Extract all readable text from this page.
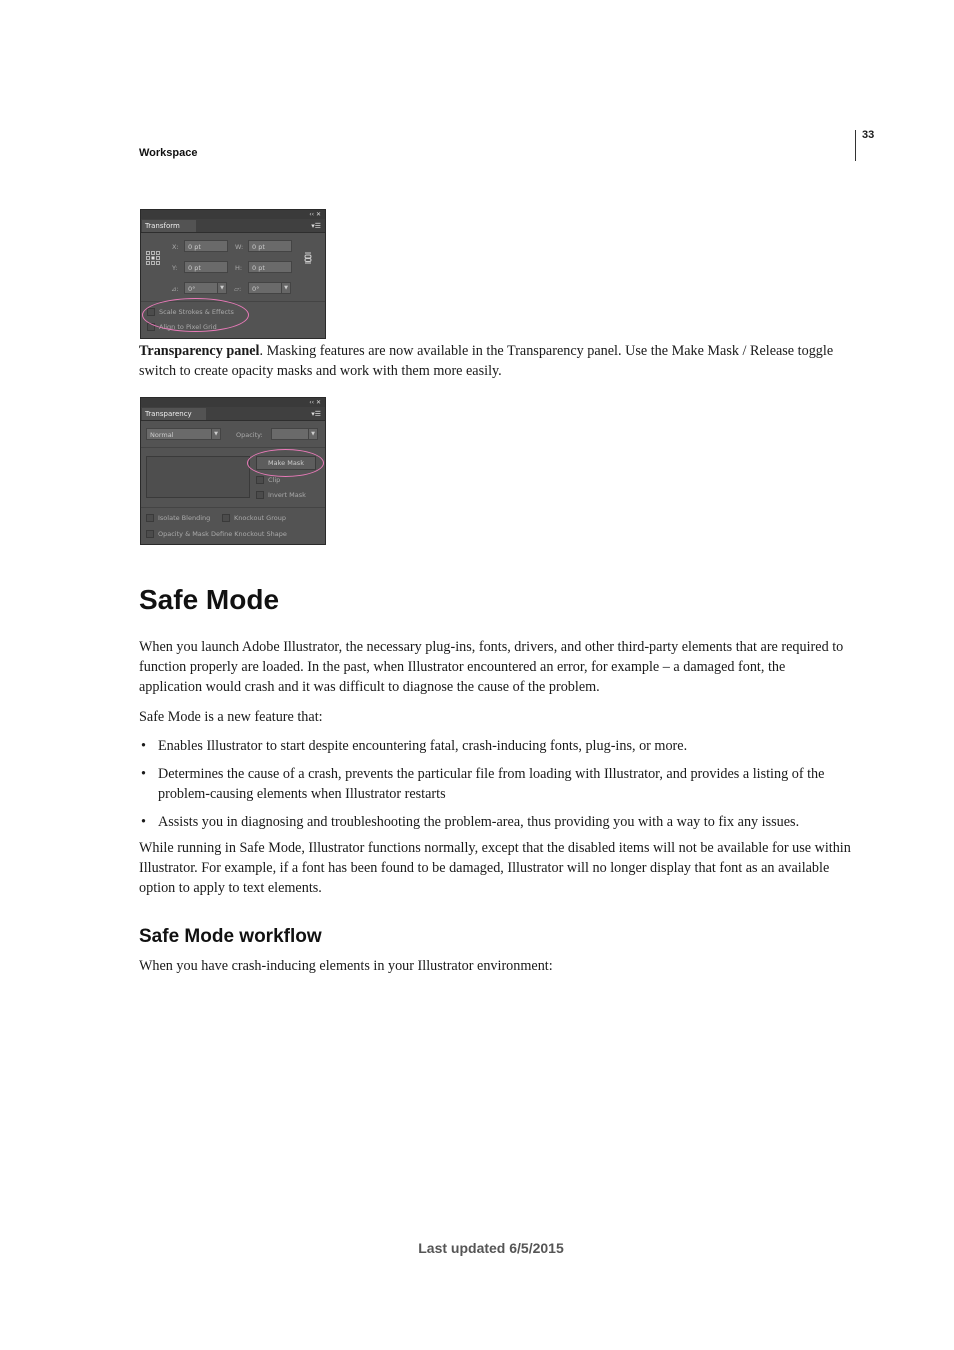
Workspace
33
‹‹ ✕
Transform	▾☰
X:	0 pt	W:	0 pt
Y:	0 pt	H:	0 pt
⊿:	0°	▼	▱:	0°	▼
Scale Strokes & Effects
Align to Pixel Grid

Transparency panel. Masking features are now available in the Transparency panel. Use the Make Mask / Release toggle switch to create opacity masks and work with them more easily.

‹‹ ✕
Transparency	▾☰
Normal	▼	Opacity:	▼
Make Mask
Clip
Invert Mask
Isolate Blending	Knockout Group
Opacity & Mask Define Knockout Shape
Safe Mode

When you launch Adobe Illustrator, the necessary plug-ins, fonts, drivers, and other third-party elements that are required to function properly are loaded. In the past, when Illustrator encountered an error, for example – a damaged font, the application would crash and it was difficult to diagnose the cause of the problem.

Safe Mode is a new feature that:

• Enables Illustrator to start despite encountering fatal, crash-inducing fonts, plug-ins, or more.
• Determines the cause of a crash, prevents the particular file from loading with Illustrator, and provides a listing of the problem-causing elements when Illustrator restarts
• Assists you in diagnosing and troubleshooting the problem-area, thus providing you with a way to fix any issues.

While running in Safe Mode, Illustrator functions normally, except that the disabled items will not be available for use within Illustrator. For example, if a font has been found to be damaged, Illustrator will no longer display that font as an available option to apply to text elements.

Safe Mode workflow

When you have crash-inducing elements in your Illustrator environment:

Last updated 6/5/2015
